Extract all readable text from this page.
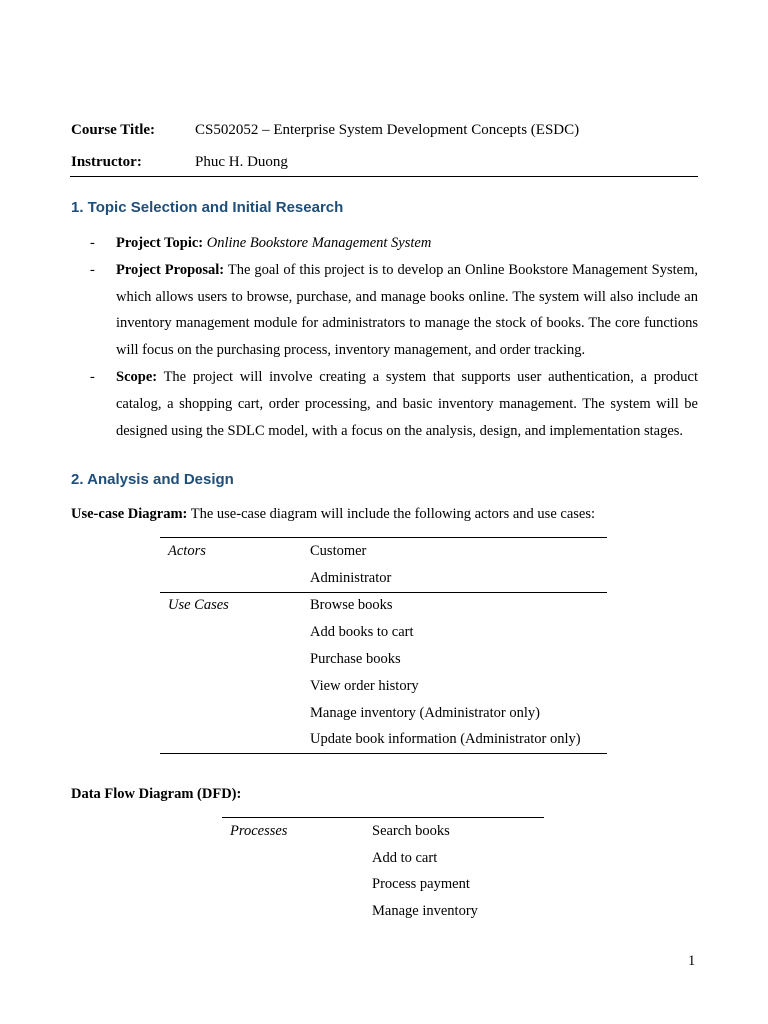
Course Title:	CS502052 – Enterprise System Development Concepts (ESDC)
Instructor:	Phuc H. Duong
1. Topic Selection and Initial Research
- Project Topic: Online Bookstore Management System
- Project Proposal: The goal of this project is to develop an Online Bookstore Management System, which allows users to browse, purchase, and manage books online. The system will also include an inventory management module for administrators to manage the stock of books. The core functions will focus on the purchasing process, inventory management, and order tracking.
- Scope: The project will involve creating a system that supports user authentication, a product catalog, a shopping cart, order processing, and basic inventory management. The system will be designed using the SDLC model, with a focus on the analysis, design, and implementation stages.
2. Analysis and Design
Use-case Diagram: The use-case diagram will include the following actors and use cases:
Actors	Customer
Administrator
Use Cases	Browse books
Add books to cart
Purchase books
View order history
Manage inventory (Administrator only)
Update book information (Administrator only)
Data Flow Diagram (DFD):
Processes	Search books
Add to cart
Process payment
Manage inventory
1
